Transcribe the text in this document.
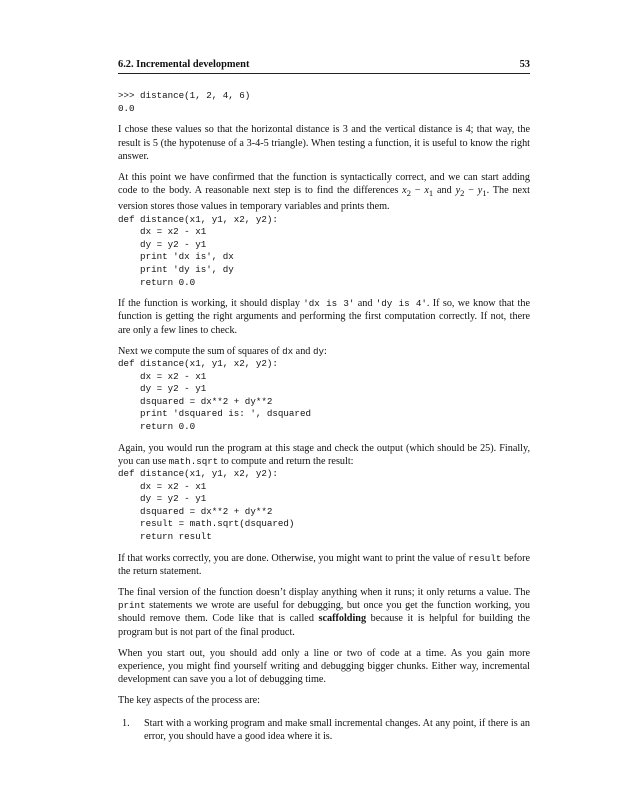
6.2. Incremental development	53
>>> distance(1, 2, 4, 6)
0.0

I chose these values so that the horizontal distance is 3 and the vertical distance is 4; that way, the result is 5 (the hypotenuse of a 3-4-5 triangle). When testing a function, it is useful to know the right answer.

At this point we have confirmed that the function is syntactically correct, and we can start adding code to the body. A reasonable next step is to find the differences $x_2 - x_1$ and $y_2 - y_1$. The next version stores those values in temporary variables and prints them.

def distance(x1, y1, x2, y2):
dx = x2 - x1
dy = y2 - y1
print 'dx is', dx
print 'dy is', dy
return 0.0

If the function is working, it should display 'dx is 3' and 'dy is 4'. If so, we know that the function is getting the right arguments and performing the first computation correctly. If not, there are only a few lines to check.

Next we compute the sum of squares of dx and dy:

def distance(x1, y1, x2, y2):
dx = x2 - x1
dy = y2 - y1
dsquared = dx**2 + dy**2
print 'dsquared is: ', dsquared
return 0.0

Again, you would run the program at this stage and check the output (which should be 25). Finally, you can use math.sqrt to compute and return the result:

def distance(x1, y1, x2, y2):
dx = x2 - x1
dy = y2 - y1
dsquared = dx**2 + dy**2
result = math.sqrt(dsquared)
return result

If that works correctly, you are done. Otherwise, you might want to print the value of result before the return statement.

The final version of the function doesn’t display anything when it runs; it only returns a value. The print statements we wrote are useful for debugging, but once you get the function working, you should remove them. Code like that is called scaffolding because it is helpful for building the program but is not part of the final product.

When you start out, you should add only a line or two of code at a time. As you gain more experience, you might find yourself writing and debugging bigger chunks. Either way, incremental development can save you a lot of debugging time.

The key aspects of the process are:

1.	Start with a working program and make small incremental changes. At any point, if there is an error, you should have a good idea where it is.
